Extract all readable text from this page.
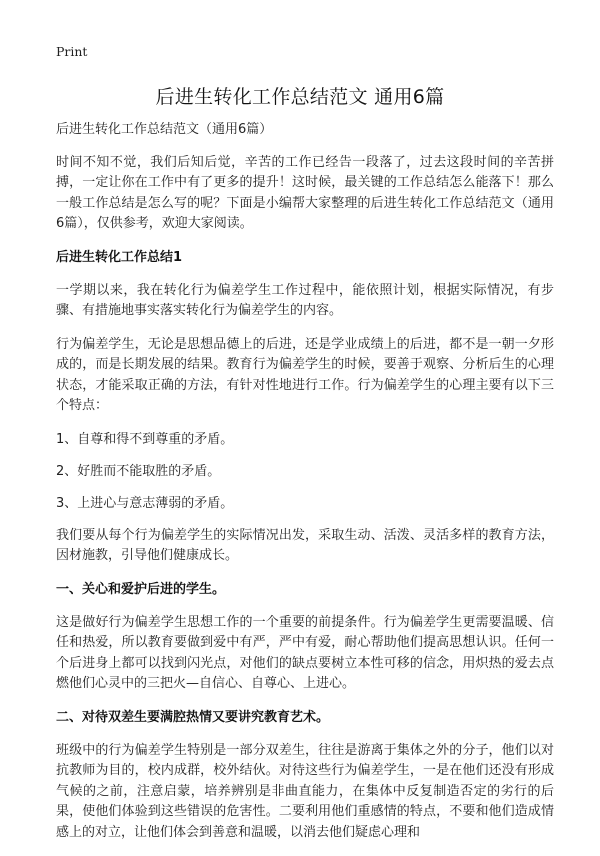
Print

后进生转化工作总结范文 通用6篇

后进生转化工作总结范文（通用6篇）

时间不知不觉，我们后知后觉，辛苦的工作已经告一段落了，过去这段时间的辛苦拼搏，一定让你在工作中有了更多的提升！这时候，最关键的工作总结怎么能落下！那么一般工作总结是怎么写的呢？下面是小编帮大家整理的后进生转化工作总结范文（通用6篇），仅供参考，欢迎大家阅读。

后进生转化工作总结1

一学期以来，我在转化行为偏差学生工作过程中，能依照计划，根据实际情况，有步骤、有措施地事实落实转化行为偏差学生的内容。

行为偏差学生，无论是思想品德上的后进，还是学业成绩上的后进，都不是一朝一夕形成的，而是长期发展的结果。教育行为偏差学生的时候，要善于观察、分析后生的心理状态，才能采取正确的方法，有针对性地进行工作。行为偏差学生的心理主要有以下三个特点：

1、自尊和得不到尊重的矛盾。

2、好胜而不能取胜的矛盾。

3、上进心与意志薄弱的矛盾。

我们要从每个行为偏差学生的实际情况出发，采取生动、活泼、灵活多样的教育方法，因材施教，引导他们健康成长。

一、关心和爱护后进的学生。

这是做好行为偏差学生思想工作的一个重要的前提条件。行为偏差学生更需要温暖、信任和热爱，所以教育要做到爱中有严，严中有爱，耐心帮助他们提高思想认识。任何一个后进身上都可以找到闪光点，对他们的缺点要树立本性可移的信念，用炽热的爱去点燃他们心灵中的三把火—自信心、自尊心、上进心。

二、对待双差生要满腔热情又要讲究教育艺术。

班级中的行为偏差学生特别是一部分双差生，往往是游离于集体之外的分子，他们以对抗教师为目的，校内成群，校外结伙。对待这些行为偏差学生，一是在他们还没有形成气候的之前，注意启蒙，培养辨别是非曲直能力，在集体中反复制造否定的劣行的后果，使他们体验到这些错误的危害性。二要利用他们重感情的特点，不要和他们造成情感上的对立，让他们体会到善意和温暖，以消去他们疑虑心理和
